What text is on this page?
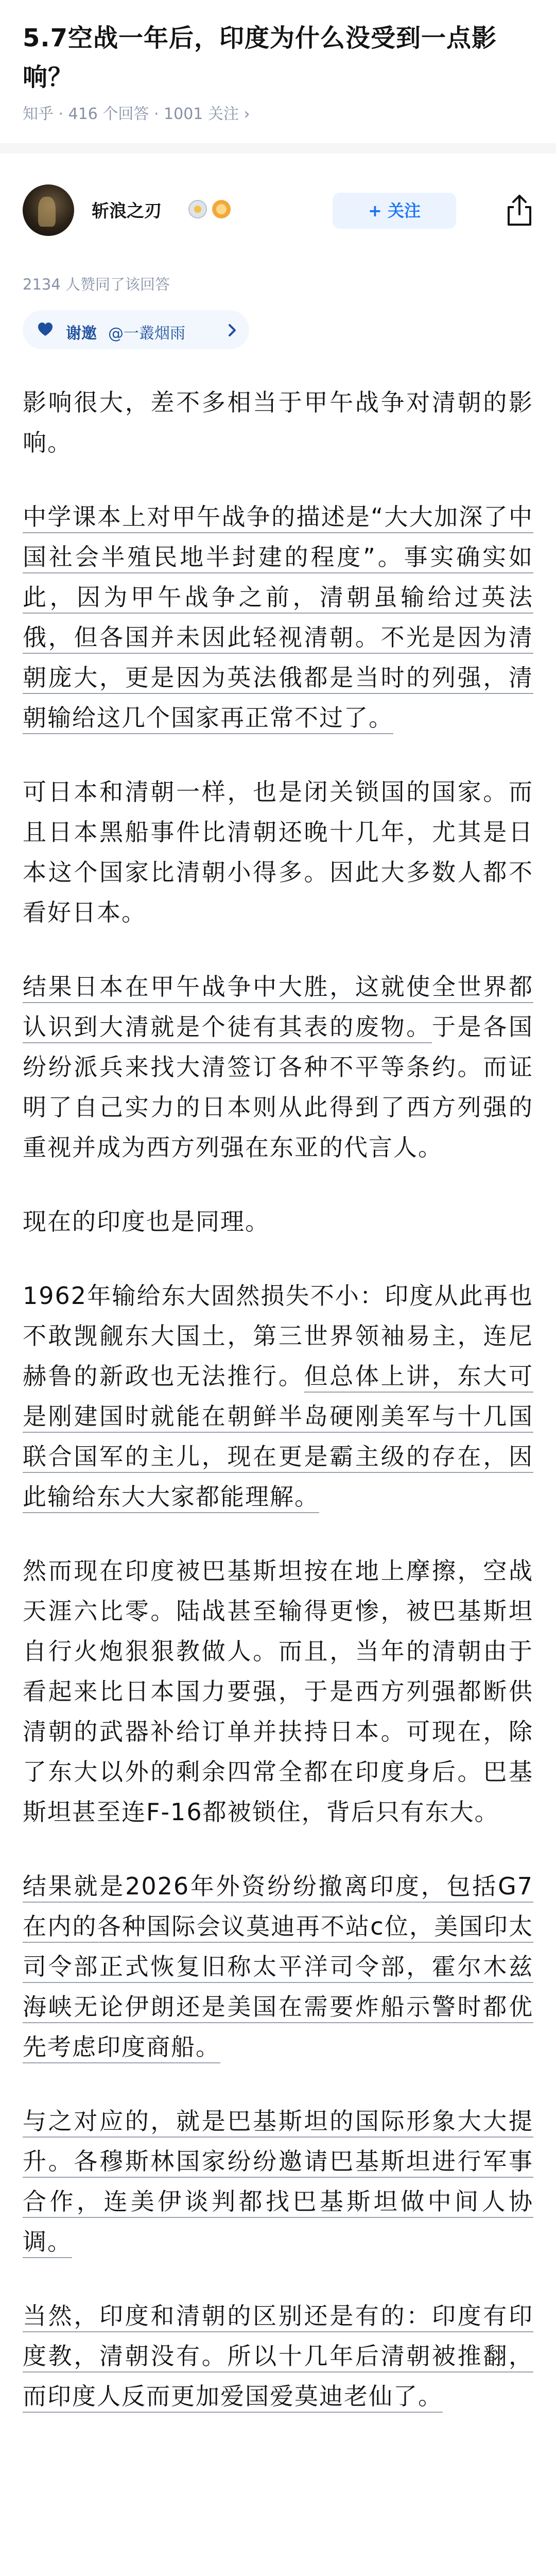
5.7空战一年后，印度为什么没受到一点影响？
知乎 · 416 个回答 · 1001 关注 ›
斩浪之刃	+ 关注
2134 人赞同了该回答
谢邀 @一叢烟雨

影响很大，差不多相当于甲午战争对清朝的影响。

中学课本上对甲午战争的描述是“大大加深了中国社会半殖民地半封建的程度”。事实确实如此，因为甲午战争之前，清朝虽输给过英法俄，但各国并未因此轻视清朝。不光是因为清朝庞大，更是因为英法俄都是当时的列强，清朝输给这几个国家再正常不过了。

可日本和清朝一样，也是闭关锁国的国家。而且日本黑船事件比清朝还晚十几年，尤其是日本这个国家比清朝小得多。因此大多数人都不看好日本。

结果日本在甲午战争中大胜，这就使全世界都认识到大清就是个徒有其表的废物。于是各国纷纷派兵来找大清签订各种不平等条约。而证明了自己实力的日本则从此得到了西方列强的重视并成为西方列强在东亚的代言人。

现在的印度也是同理。

1962年输给东大固然损失不小：印度从此再也不敢觊觎东大国土，第三世界领袖易主，连尼赫鲁的新政也无法推行。但总体上讲，东大可是刚建国时就能在朝鲜半岛硬刚美军与十几国联合国军的主儿，现在更是霸主级的存在，因此输给东大大家都能理解。

然而现在印度被巴基斯坦按在地上摩擦，空战天涯六比零。陆战甚至输得更惨，被巴基斯坦自行火炮狠狠教做人。而且，当年的清朝由于看起来比日本国力要强，于是西方列强都断供清朝的武器补给订单并扶持日本。可现在，除了东大以外的剩余四常全都在印度身后。巴基斯坦甚至连F-16都被锁住，背后只有东大。

结果就是2026年外资纷纷撤离印度，包括G7在内的各种国际会议莫迪再不站c位，美国印太司令部正式恢复旧称太平洋司令部，霍尔木兹海峡无论伊朗还是美国在需要炸船示警时都优先考虑印度商船。

与之对应的，就是巴基斯坦的国际形象大大提升。各穆斯林国家纷纷邀请巴基斯坦进行军事合作，连美伊谈判都找巴基斯坦做中间人协调。

当然，印度和清朝的区别还是有的：印度有印度教，清朝没有。所以十几年后清朝被推翻，而印度人反而更加爱国爱莫迪老仙了。
